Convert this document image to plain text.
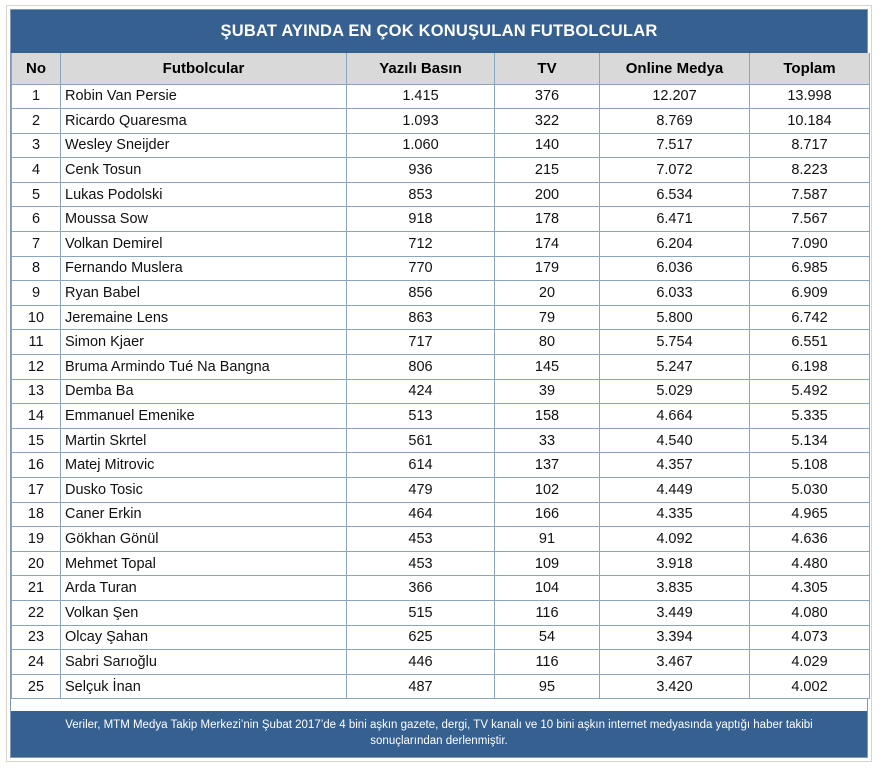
ŞUBAT AYINDA EN ÇOK KONUŞULAN FUTBOLCULAR
No	Futbolcular	Yazılı Basın	TV	Online Medya	Toplam
1	Robin Van Persie	1.415	376	12.207	13.998
2	Ricardo Quaresma	1.093	322	8.769	10.184
3	Wesley Sneijder	1.060	140	7.517	8.717
4	Cenk Tosun	936	215	7.072	8.223
5	Lukas Podolski	853	200	6.534	7.587
6	Moussa Sow	918	178	6.471	7.567
7	Volkan Demirel	712	174	6.204	7.090
8	Fernando Muslera	770	179	6.036	6.985
9	Ryan Babel	856	20	6.033	6.909
10	Jeremaine Lens	863	79	5.800	6.742
11	Simon Kjaer	717	80	5.754	6.551
12	Bruma Armindo Tué Na Bangna	806	145	5.247	6.198
13	Demba Ba	424	39	5.029	5.492
14	Emmanuel Emenike	513	158	4.664	5.335
15	Martin Skrtel	561	33	4.540	5.134
16	Matej Mitrovic	614	137	4.357	5.108
17	Dusko Tosic	479	102	4.449	5.030
18	Caner Erkin	464	166	4.335	4.965
19	Gökhan Gönül	453	91	4.092	4.636
20	Mehmet Topal	453	109	3.918	4.480
21	Arda Turan	366	104	3.835	4.305
22	Volkan Şen	515	116	3.449	4.080
23	Olcay Şahan	625	54	3.394	4.073
24	Sabri Sarıoğlu	446	116	3.467	4.029
25	Selçuk İnan	487	95	3.420	4.002
Veriler, MTM Medya Takip Merkezi’nin Şubat 2017’de 4 bini aşkın gazete, dergi, TV kanalı ve 10 bini aşkın internet medyasında yaptığı haber takibi sonuçlarından derlenmiştir.
